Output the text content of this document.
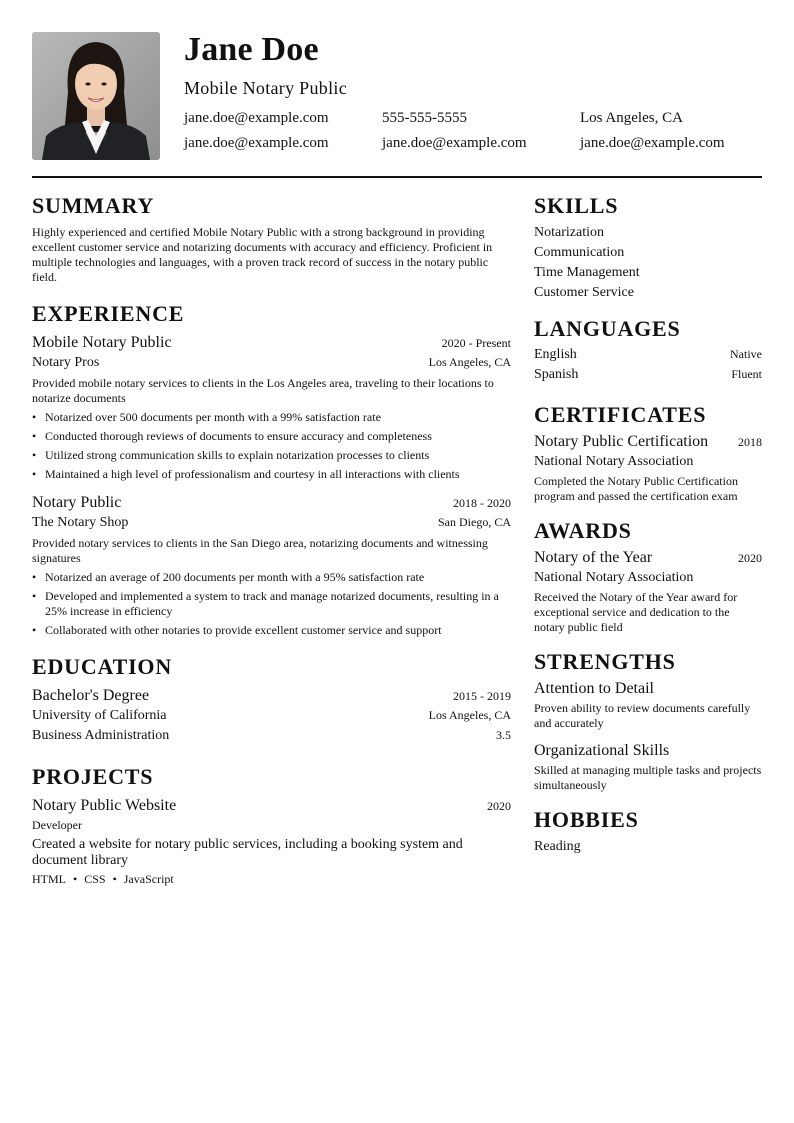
Jane Doe
Mobile Notary Public
jane.doe@example.com	555-555-5555	Los Angeles, CA
jane.doe@example.com	jane.doe@example.com	jane.doe@example.com
SUMMARY
Highly experienced and certified Mobile Notary Public with a strong background in providing excellent customer service and notarizing documents with accuracy and efficiency. Proficient in multiple technologies and languages, with a proven track record of success in the notary public field.
EXPERIENCE
Mobile Notary Public	2020 - Present
Notary Pros	Los Angeles, CA
Provided mobile notary services to clients in the Los Angeles area, traveling to their locations to notarize documents
• Notarized over 500 documents per month with a 99% satisfaction rate
• Conducted thorough reviews of documents to ensure accuracy and completeness
• Utilized strong communication skills to explain notarization processes to clients
• Maintained a high level of professionalism and courtesy in all interactions with clients
Notary Public	2018 - 2020
The Notary Shop	San Diego, CA
Provided notary services to clients in the San Diego area, notarizing documents and witnessing signatures
• Notarized an average of 200 documents per month with a 95% satisfaction rate
• Developed and implemented a system to track and manage notarized documents, resulting in a 25% increase in efficiency
• Collaborated with other notaries to provide excellent customer service and support
EDUCATION
Bachelor's Degree	2015 - 2019
University of California	Los Angeles, CA
Business Administration	3.5
PROJECTS
Notary Public Website	2020
Developer
Created a website for notary public services, including a booking system and document library
HTML • CSS • JavaScript
SKILLS
Notarization
Communication
Time Management
Customer Service
LANGUAGES
English	Native
Spanish	Fluent
CERTIFICATES
Notary Public Certification 2018
National Notary Association
Completed the Notary Public Certification program and passed the certification exam
AWARDS
Notary of the Year	2020
National Notary Association
Received the Notary of the Year award for exceptional service and dedication to the notary public field
STRENGTHS
Attention to Detail
Proven ability to review documents carefully and accurately
Organizational Skills
Skilled at managing multiple tasks and projects simultaneously
HOBBIES
Reading
